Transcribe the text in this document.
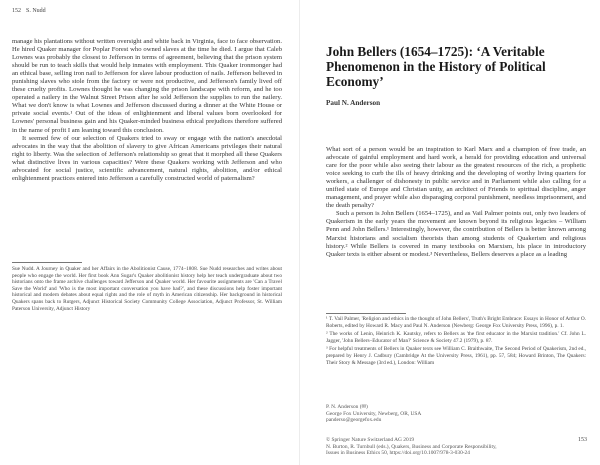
S. Nudd
152

manage his plantations without written oversight and white back in Virginia, face to face observation. He hired Quaker manager for Poplar Forest who owned slaves at the time he died. I argue that Caleb Lownes was probably the closest to Jefferson in terms of agreement, believing that the prison system should be run to teach skills that would help inmates with employment. This Quaker ironmonger had an ethical base, selling iron nail to Jefferson for slave labour production of nails. Jefferson believed in punishing slaves who stole from the factory or were not productive, and Jefferson's family lived off these cruelty profits. Lownes thought he was changing the prison landscape with reform, and he too operated a nailery in the Walnut Street Prison after he sold Jefferson the supplies to run the nailery. What we don't know is what Lownes and Jefferson discussed during a dinner at the White House or private social events.¹ Out of the ideas of enlightenment and liberal values born overlooked for Lownes' personal business gain and his Quaker-minded business ethical prejudices therefore suffered in the name of profit I am leaning toward this conclusion.

It seemed few of our selection of Quakers tried to sway or engage with the nation's anecdotal advocates in the way that the abolition of slavery to give African Americans privileges their natural right to liberty. Was the selection of Jefferson's relationship so great that it morphed all these Quakers what distinctive lives in various capacities? Were these Quakers working with Jefferson and who advocated for social justice, scientific advancement, natural rights, abolition, and/or ethical enlightenment practices entered into Jefferson a carefully constructed world of paternalism?

Sue Nudd. A Journey in Quaker and her Affairs in the Abolitionist Cause, 1774–1808. Sue Nudd researches and writes about people who engage the world. Her first book Ann Sugar's Quaker abolitionist history help her teach undergraduate about two historians onto the frame archive challenges toward Jefferson and Quaker world. Her favourite assignments are 'Can a Travel Save the World' and 'Who is the most important conversation you have had?', and these discussions help foster important historical and modern debates about equal rights and the role of myth in American citizenship. Her background in historical Quakers spans back to Rutgers, Adjunct Historical Society Community College Association, Adjunct Professor, St. William Paterson University, Adjunct History

John Bellers (1654–1725): ‘A Veritable Phenomenon in the History of Political Economy’
Paul N. Anderson

What sort of a person would be an inspiration to Karl Marx and a champion of free trade, an advocate of gainful employment and hard work, a herald for providing education and universal care for the poor while also seeing their labour as the greatest resources of the rich, a prophetic voice seeking to curb the ills of heavy drinking and the developing of worthy living quarters for workers, a challenger of dishonesty in public service and in Parliament while also calling for a unified state of Europe and Christian unity, an architect of Friends to spiritual discipline, anger management, and prayer while also disparaging corporal punishment, needless imprisonment, and the death penalty?

Such a person is John Bellers (1654–1725), and as Vail Palmer points out, only two leaders of Quakerism in the early years the movement are known beyond its religious legacies – William Penn and John Bellers.¹ Interestingly, however, the contribution of Bellers is better known among Marxist historians and socialism theorists than among students of Quakerism and religious history.² While Bellers is covered in many textbooks on Marxism, his place in introductory Quaker texts is either absent or modest.³ Nevertheless, Bellers deserves a place as a leading

¹ T. Vail Palmer, 'Religion and ethics in the thought of John Bellers', Truth's Bright Embrace: Essays in Honor of Arthur O. Roberts, edited by Howard R. Macy and Paul N. Anderson (Newberg: George Fox University Press, 1996), p. 1.

² The works of Lenin, Heinrich K. Kautsky, refers to Bellers as 'the first educator in the Marxist tradition.' Cf. John L. Jagger, 'John Bellers–Educator of Man?' Science & Society 47.2 (1979), p. 87.

³ For helpful treatments of Bellers in Quaker texts see William C. Braithwaite, The Second Period of Quakerism, 2nd ed., prepared by Henry J. Cadbury (Cambridge At the University Press, 1961), pp. 57, 584; Howard Brinton, The Quakers: Their Story & Message (3rd ed.), London: William

P. N. Anderson (✉)
George Fox University, Newberg, OR, USA
panderso@georgefox.edu
© Springer Nature Switzerland AG 2019
N. Burton, R. Turnbull (eds.), Quakers, Business and Corporate Responsibility,
Issues in Business Ethics 50, https://doi.org/10.1007/978-3-030-24
153
